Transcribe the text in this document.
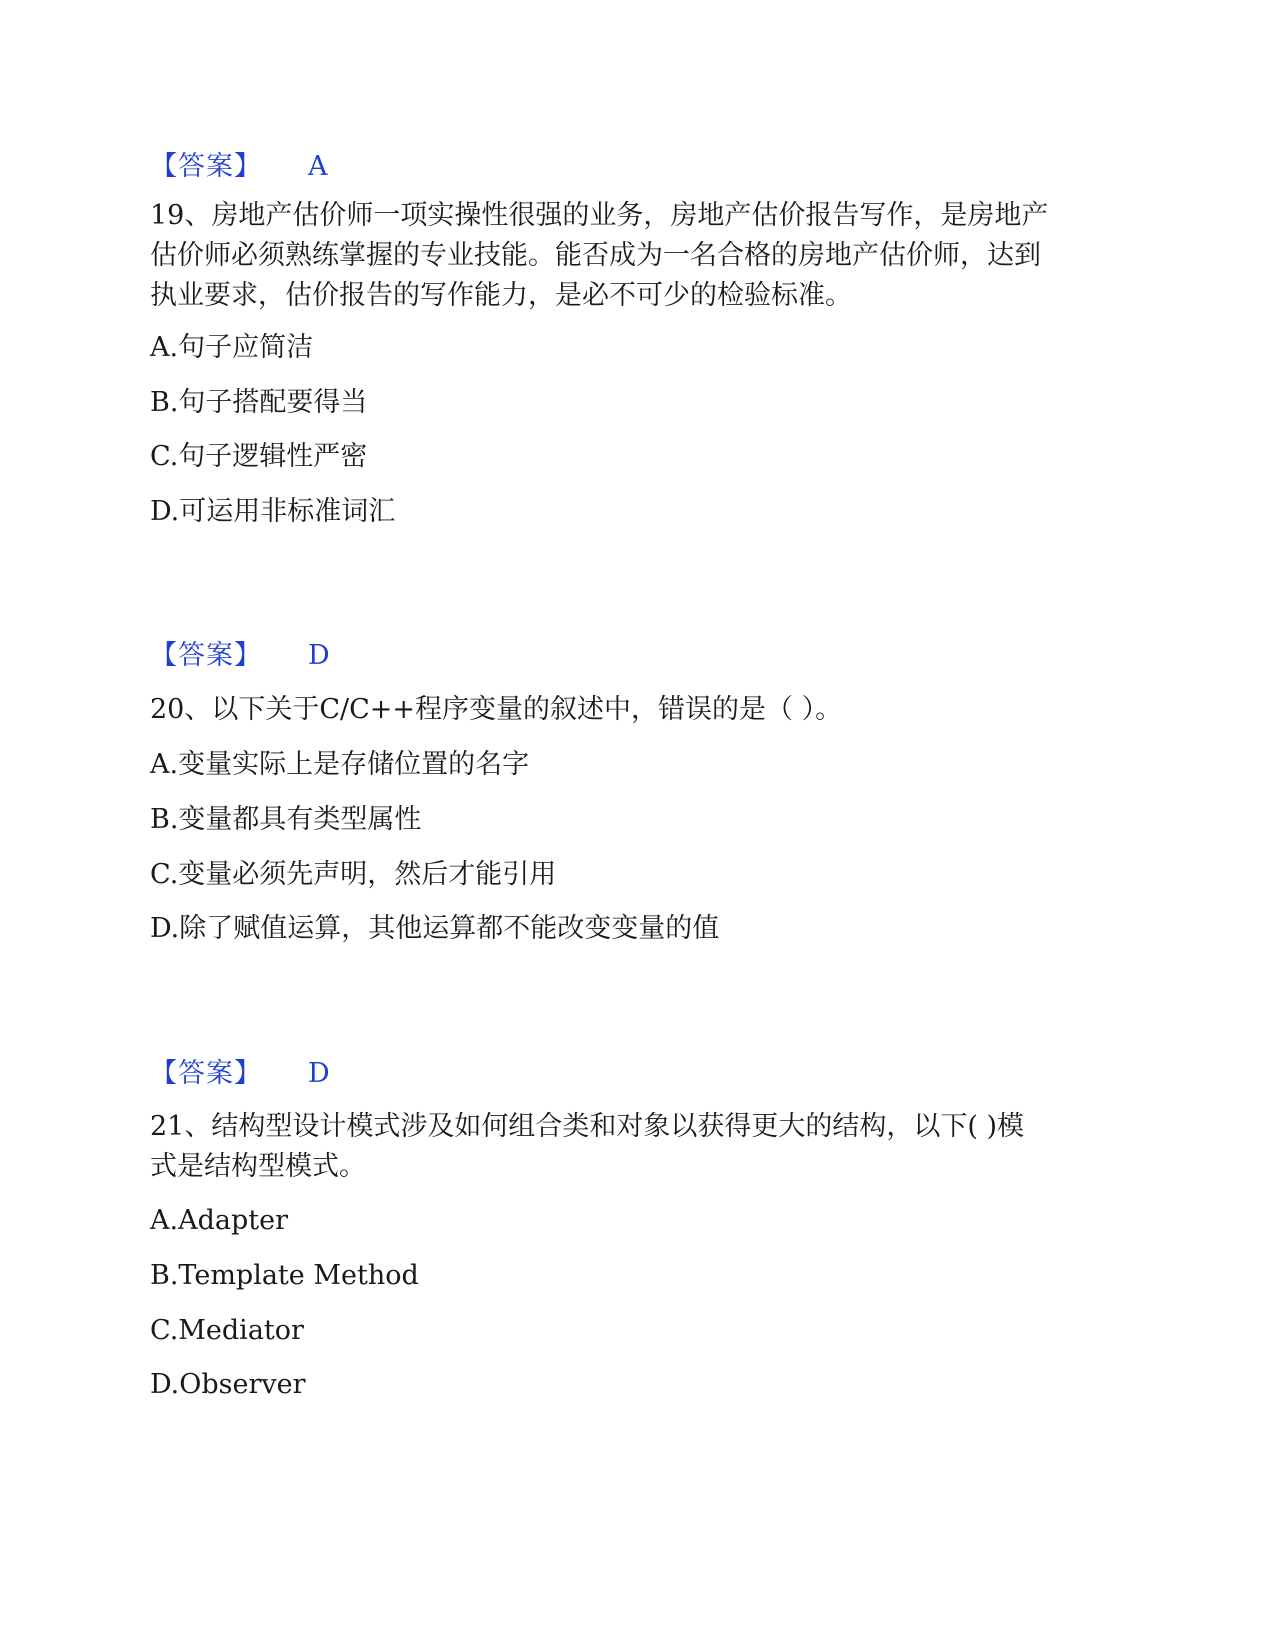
【答案】 A
19、房地产估价师一项实操性很强的业务，房地产估价报告写作，是房地产
估价师必须熟练掌握的专业技能。能否成为一名合格的房地产估价师，达到
执业要求，估价报告的写作能力，是必不可少的检验标准。
A.句子应简洁
B.句子搭配要得当
C.句子逻辑性严密
D.可运用非标准词汇
【答案】 D
20、以下关于C/C++程序变量的叙述中，错误的是（ ）。
A.变量实际上是存储位置的名字
B.变量都具有类型属性
C.变量必须先声明，然后才能引用
D.除了赋值运算，其他运算都不能改变变量的值
【答案】 D
21、结构型设计模式涉及如何组合类和对象以获得更大的结构，以下( )模
式是结构型模式。
A.Adapter
B.Template Method
C.Mediator
D.Observer
